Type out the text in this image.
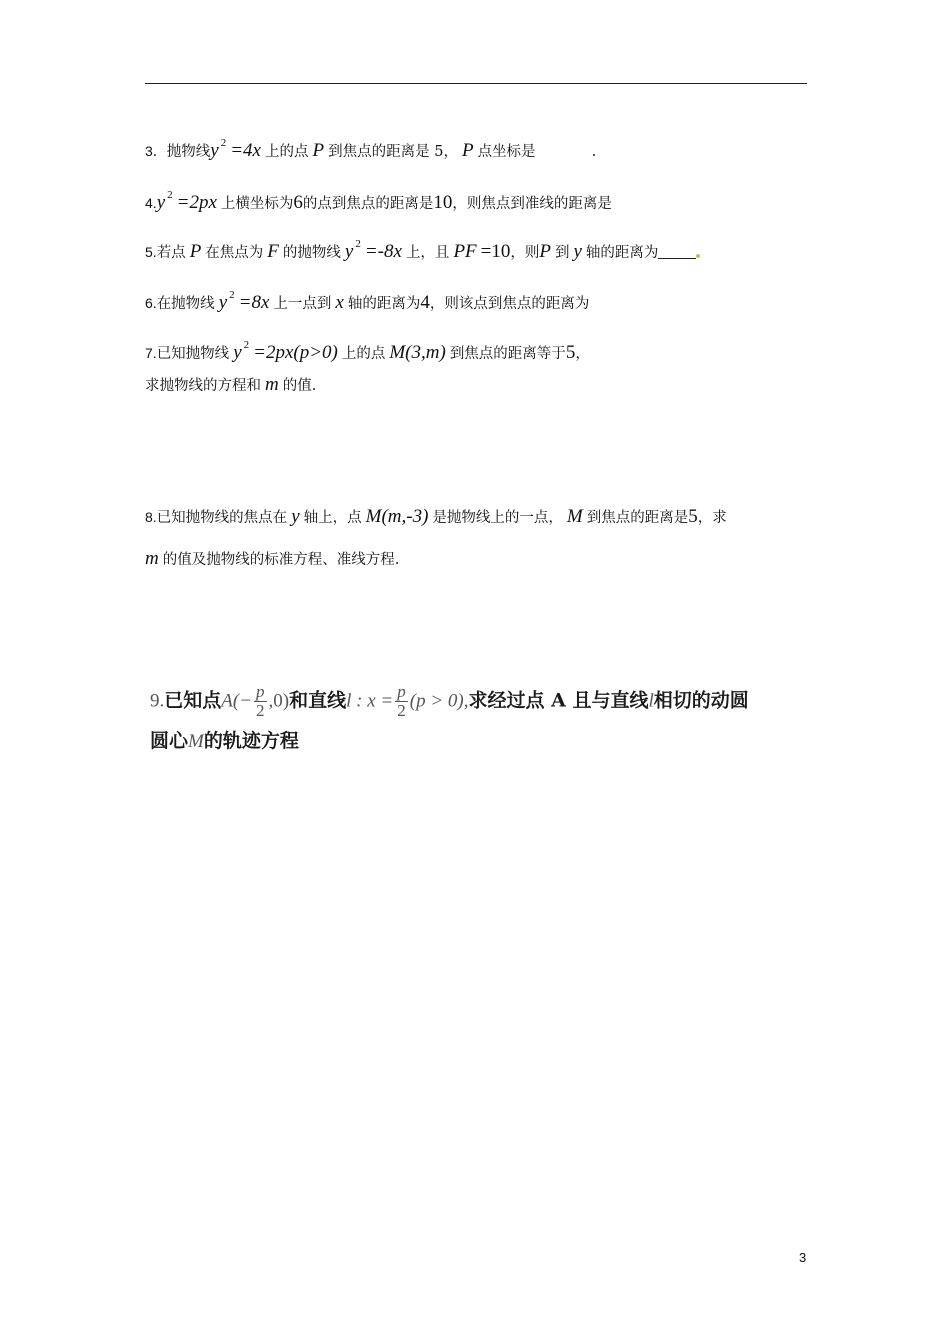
3．抛物线y $^2$ =4x 上的点 P 到焦点的距离是 5， P 点坐标是	.
4.y $^2$ =2px 上横坐标为6的点到焦点的距离是10，则焦点到准线的距离是
5.若点 P 在焦点为 F 的抛物线 y $^2$ =‑8x 上，且 PF =10，则P 到 y 轴的距离为
6.在抛物线 y $^2$ =8x 上一点到 x 轴的距离为4，则该点到焦点的距离为
7.已知抛物线 y $^2$ =2px(p>0) 上的点 M(3,m) 到焦点的距离等于5，
求抛物线的方程和 m 的值.
8.已知抛物线的焦点在 y 轴上，点 M(m,‑3) 是抛物线上的一点， M 到焦点的距离是5，求
m 的值及抛物线的标准方程、准线方程.
9.已知点$A(- \frac{p}{2} ,0)$和直线l : $x = \frac{p}{2} (p > 0)$,求经过点 A 且与直线l相切的动圆
圆心M的轨迹方程
3
